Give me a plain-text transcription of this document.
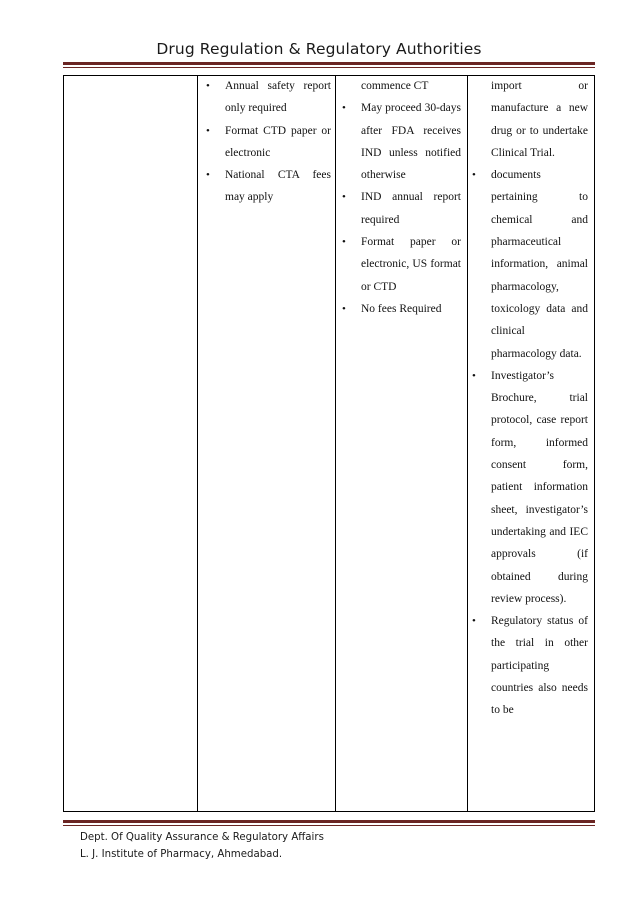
Drug Regulation & Regulatory Authorities
• Annual safety report only required
• Format CTD paper or electronic
• National CTA fees may apply
commence CT
• May proceed 30-days after FDA receives IND unless notified otherwise
• IND annual report required
• Format paper or electronic, US format or CTD
• No fees Required
import or manufacture a new drug or to undertake Clinical Trial.
• documents pertaining to chemical and pharmaceutical information, animal pharmacology, toxicology data and clinical pharmacology data.
• Investigator’s Brochure, trial protocol, case report form, informed consent form, patient information sheet, investigator’s undertaking and IEC approvals (if obtained during review process).
• Regulatory status of the trial in other participating countries also needs to be
Dept. Of Quality Assurance & Regulatory Affairs
L. J. Institute of Pharmacy, Ahmedabad.
